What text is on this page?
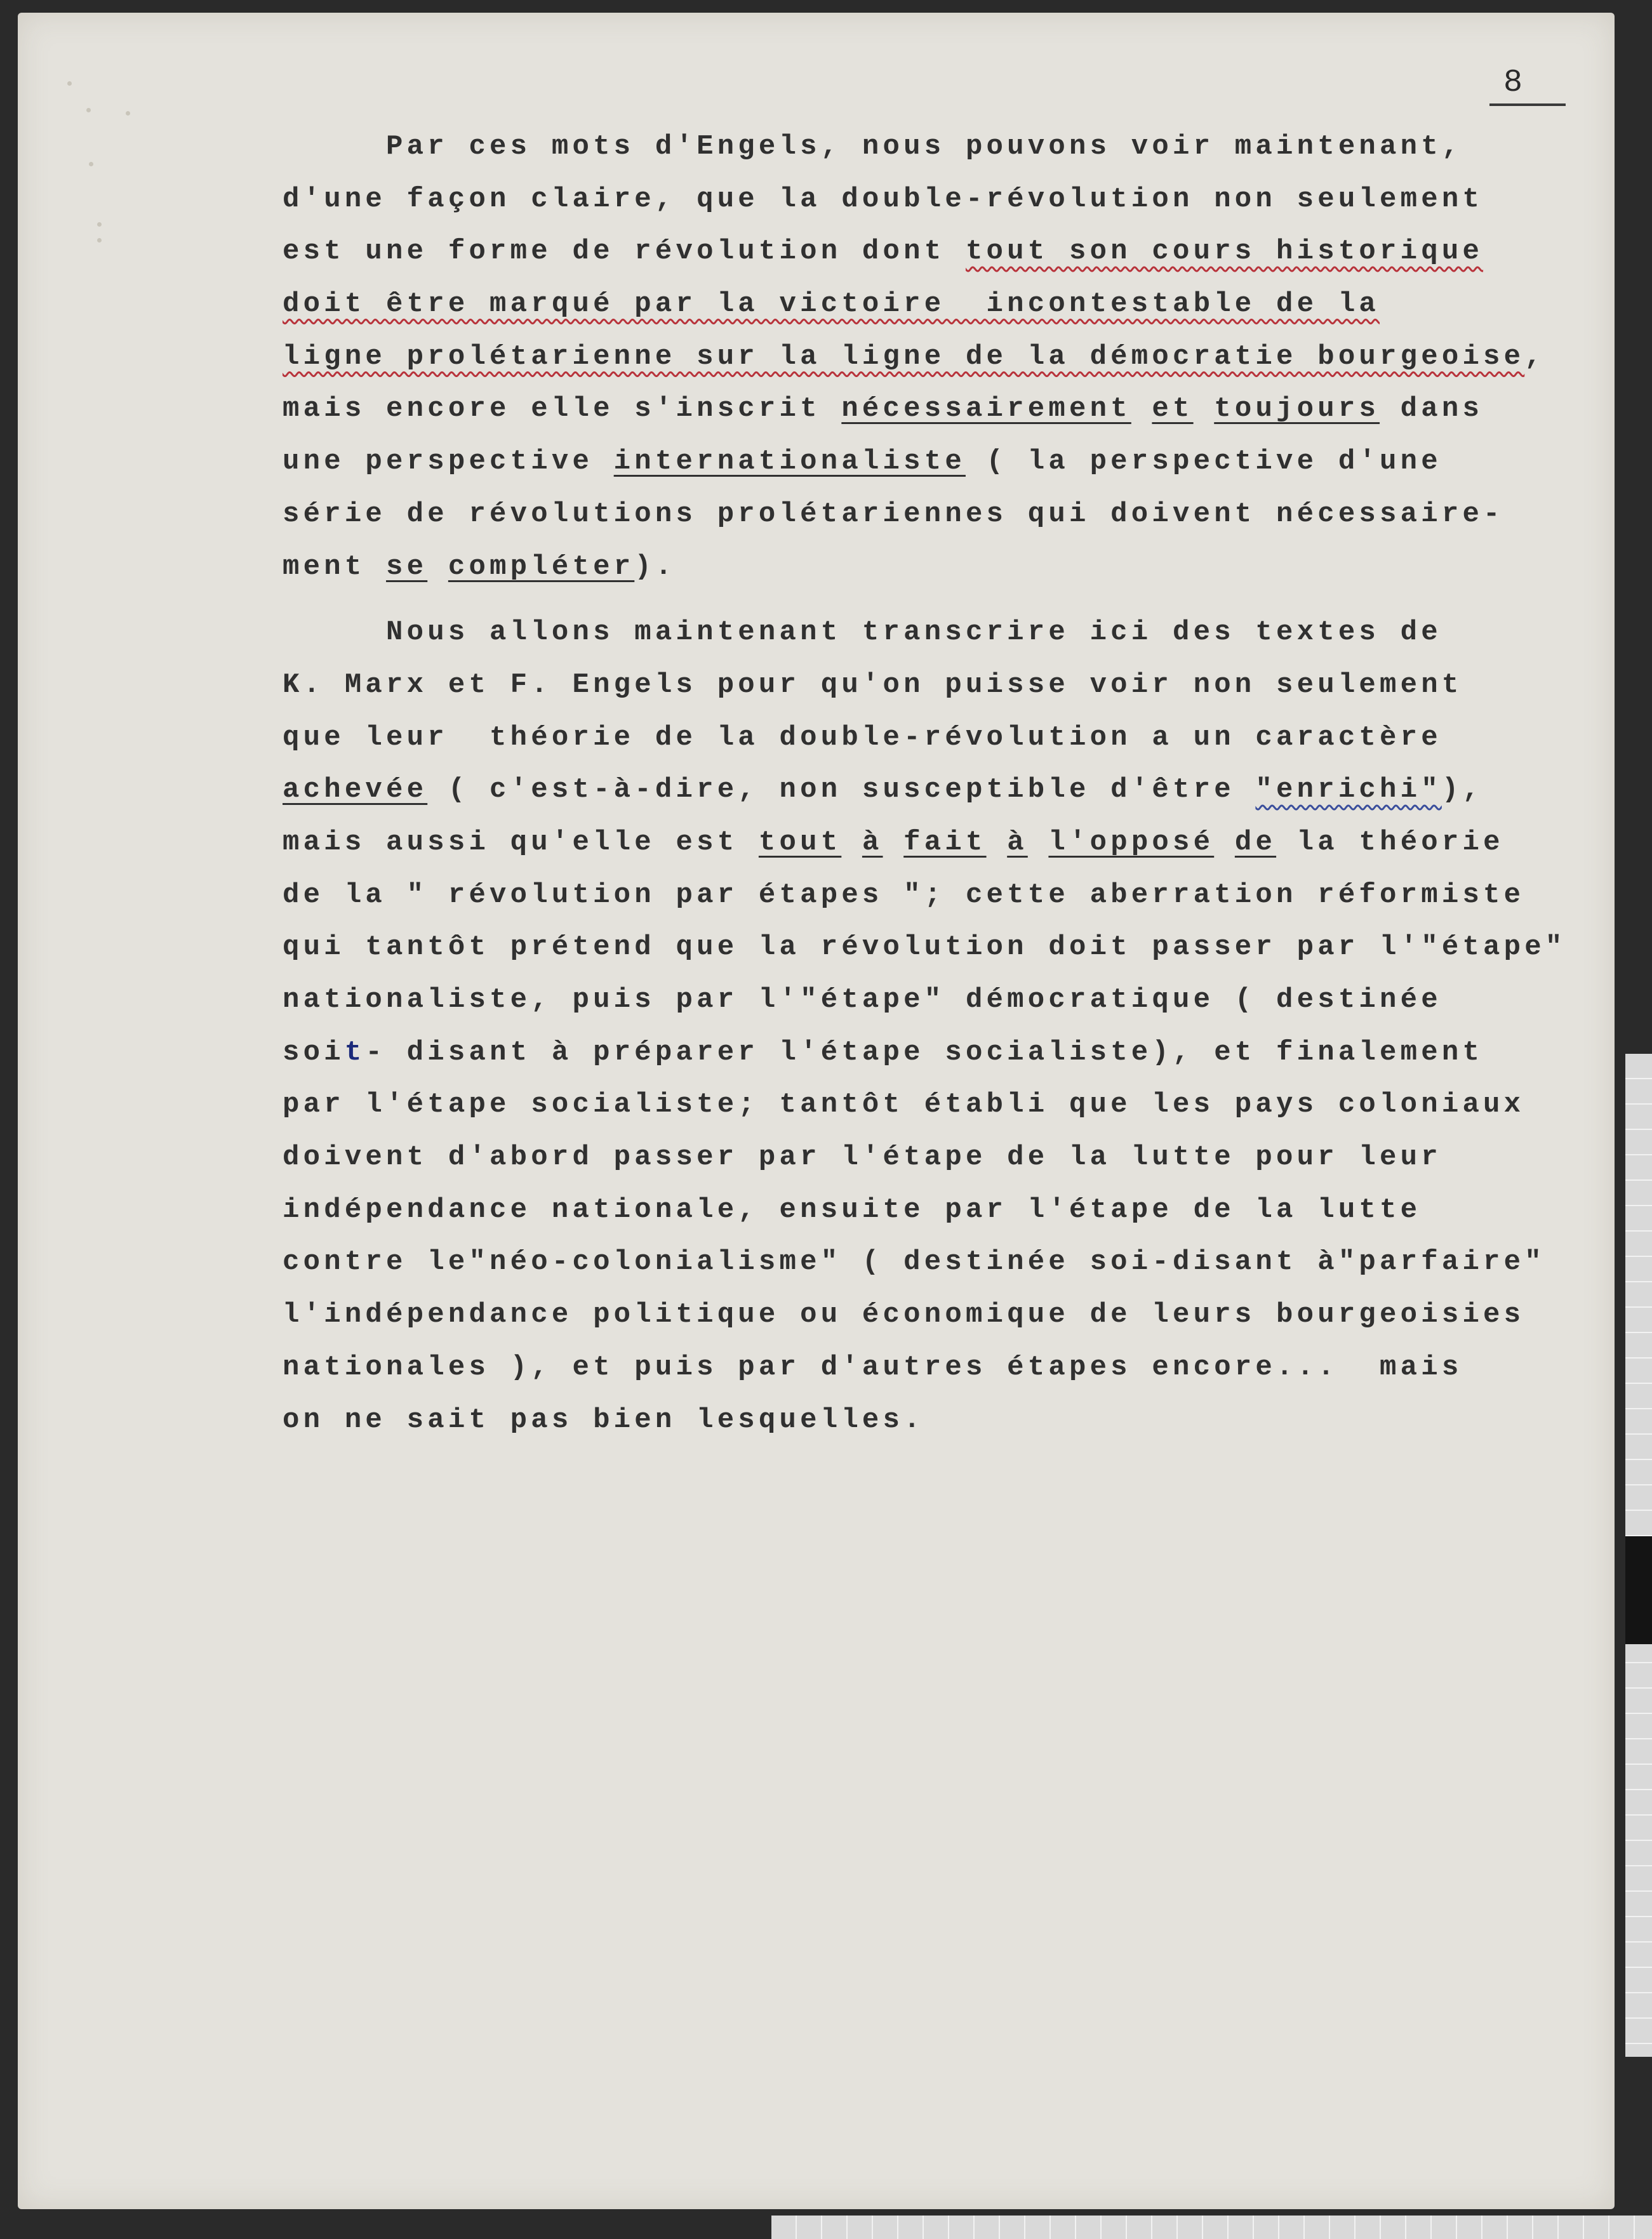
8
Par ces mots d'Engels, nous pouvons voir maintenant,
d'une façon claire, que la double-révolution non seulement
est une forme de révolution dont tout son cours historique
doit être marqué par la victoire  incontestable de la
ligne prolétarienne sur la ligne de la démocratie bourgeoise,
mais encore elle s'inscrit nécessairement et toujours dans
une perspective internationaliste ( la perspective d'une
série de révolutions prolétariennes qui doivent nécessaire-
ment se compléter).
Nous allons maintenant transcrire ici des textes de
K. Marx et F. Engels pour qu'on puisse voir non seulement
que leur  théorie de la double-révolution a un caractère
achevée ( c'est-à-dire, non susceptible d'être "enrichi"),
mais aussi qu'elle est tout à fait à l'opposé de la théorie
de la " révolution par étapes "; cette aberration réformiste
qui tantôt prétend que la révolution doit passer par l'"étape"
nationaliste, puis par l'"étape" démocratique ( destinée
soit- disant à préparer l'étape socialiste), et finalement
par l'étape socialiste; tantôt établi que les pays coloniaux
doivent d'abord passer par l'étape de la lutte pour leur
indépendance nationale, ensuite par l'étape de la lutte
contre le"néo-colonialisme" ( destinée soi-disant à"parfaire"
l'indépendance politique ou économique de leurs bourgeoisies
nationales ), et puis par d'autres étapes encore...  mais
on ne sait pas bien lesquelles.
